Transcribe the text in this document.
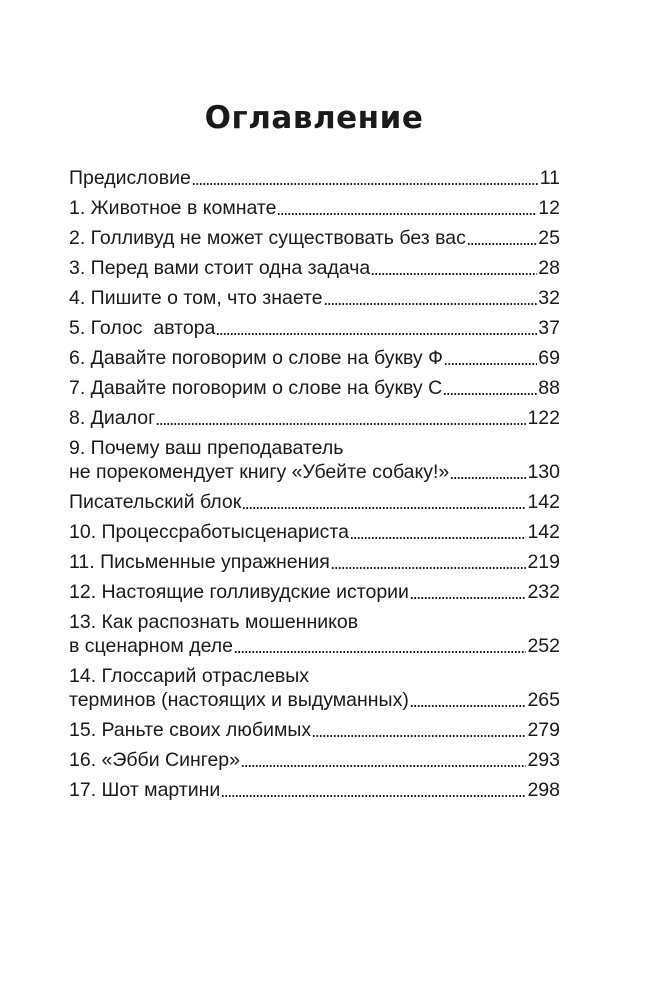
Оглавление
Предисловие	11
1. Животное в комнате	12
2. Голливуд не может существовать без вас	25
3. Перед вами стоит одна задача	28
4. Пишите о том, что знаете	32
5. Голос  автора	37
6. Давайте поговорим о слове на букву Ф	69
7. Давайте поговорим о слове на букву С	88
8. Диалог	122
9. Почему ваш преподаватель
не порекомендует книгу «Убейте собаку!»	130
Писательский блок	142
10. Процессработысценариста	142
11. Письменные упражнения	219
12. Настоящие голливудские истории	232
13. Как распознать мошенников
в сценарном деле	252
14. Глоссарий отраслевых
терминов (настоящих и выдуманных)	265
15. Раньте своих любимых	279
16. «Эбби Сингер»	293
17. Шот мартини	298
